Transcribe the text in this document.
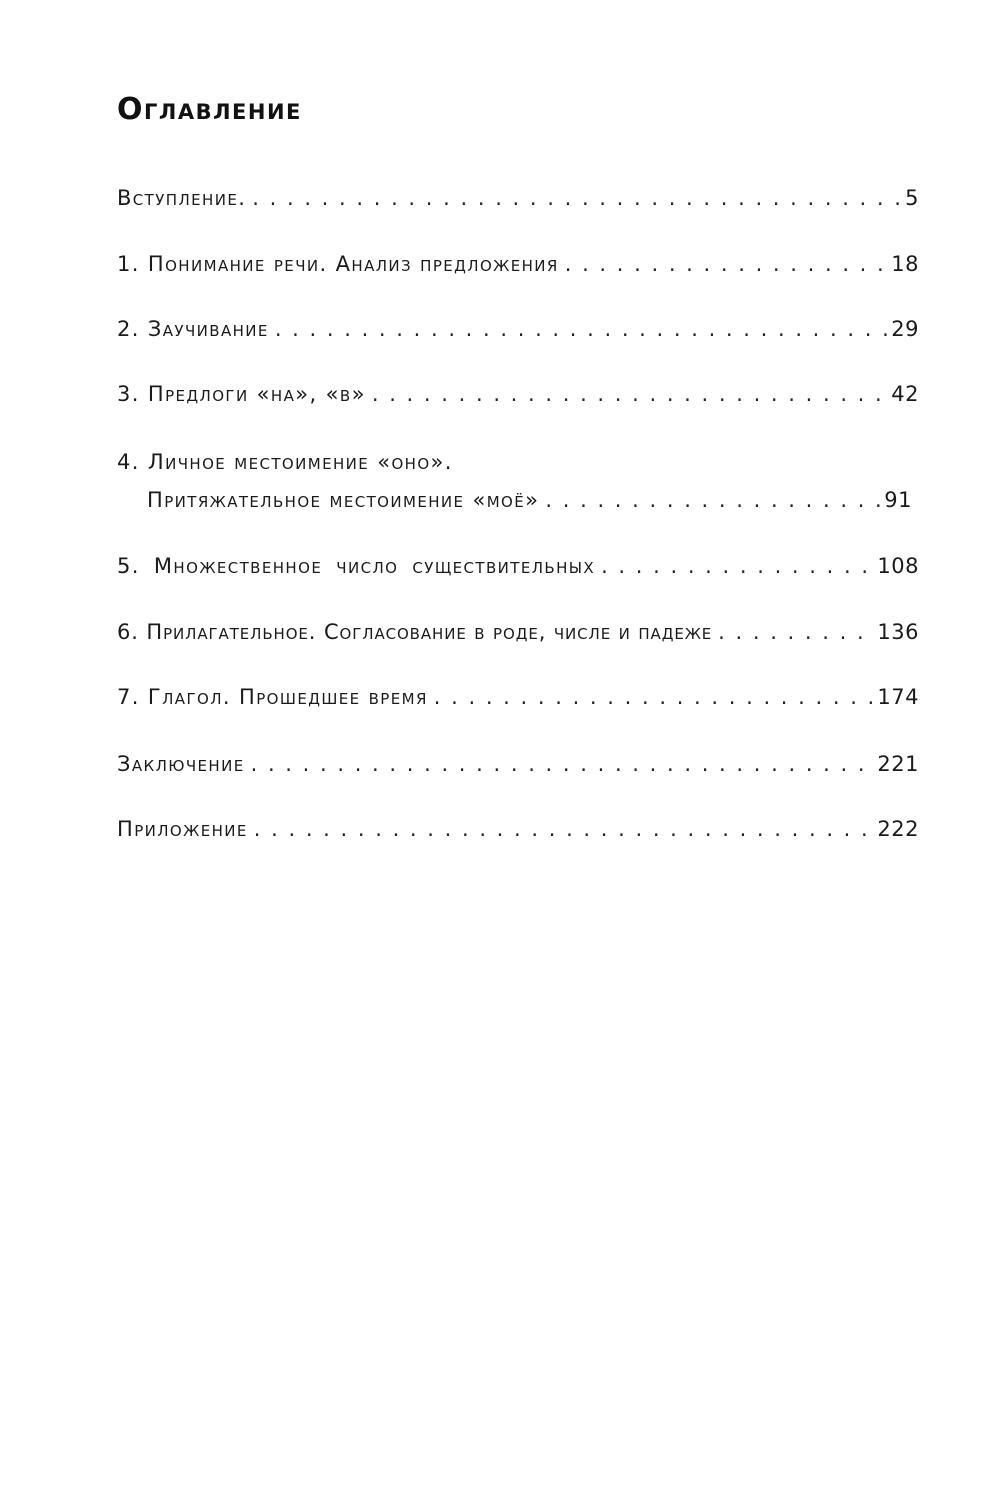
Оглавление
Вступление. . . .	5
1. Понимание речи. Анализ предложения . . .	18
2. Заучивание . . .	29
3. Предлоги «на», «в» . . .	42
4. Личное местоимение «оно».
Притяжательное местоимение «моё» . . .	91
5. Множественное число существительных . . .	108
6. Прилагательное. Согласование в роде, числе и падеже . . .	136
7. Глагол. Прошедшее время . . .	174
Заключение . . .	221
Приложение . . .	222
